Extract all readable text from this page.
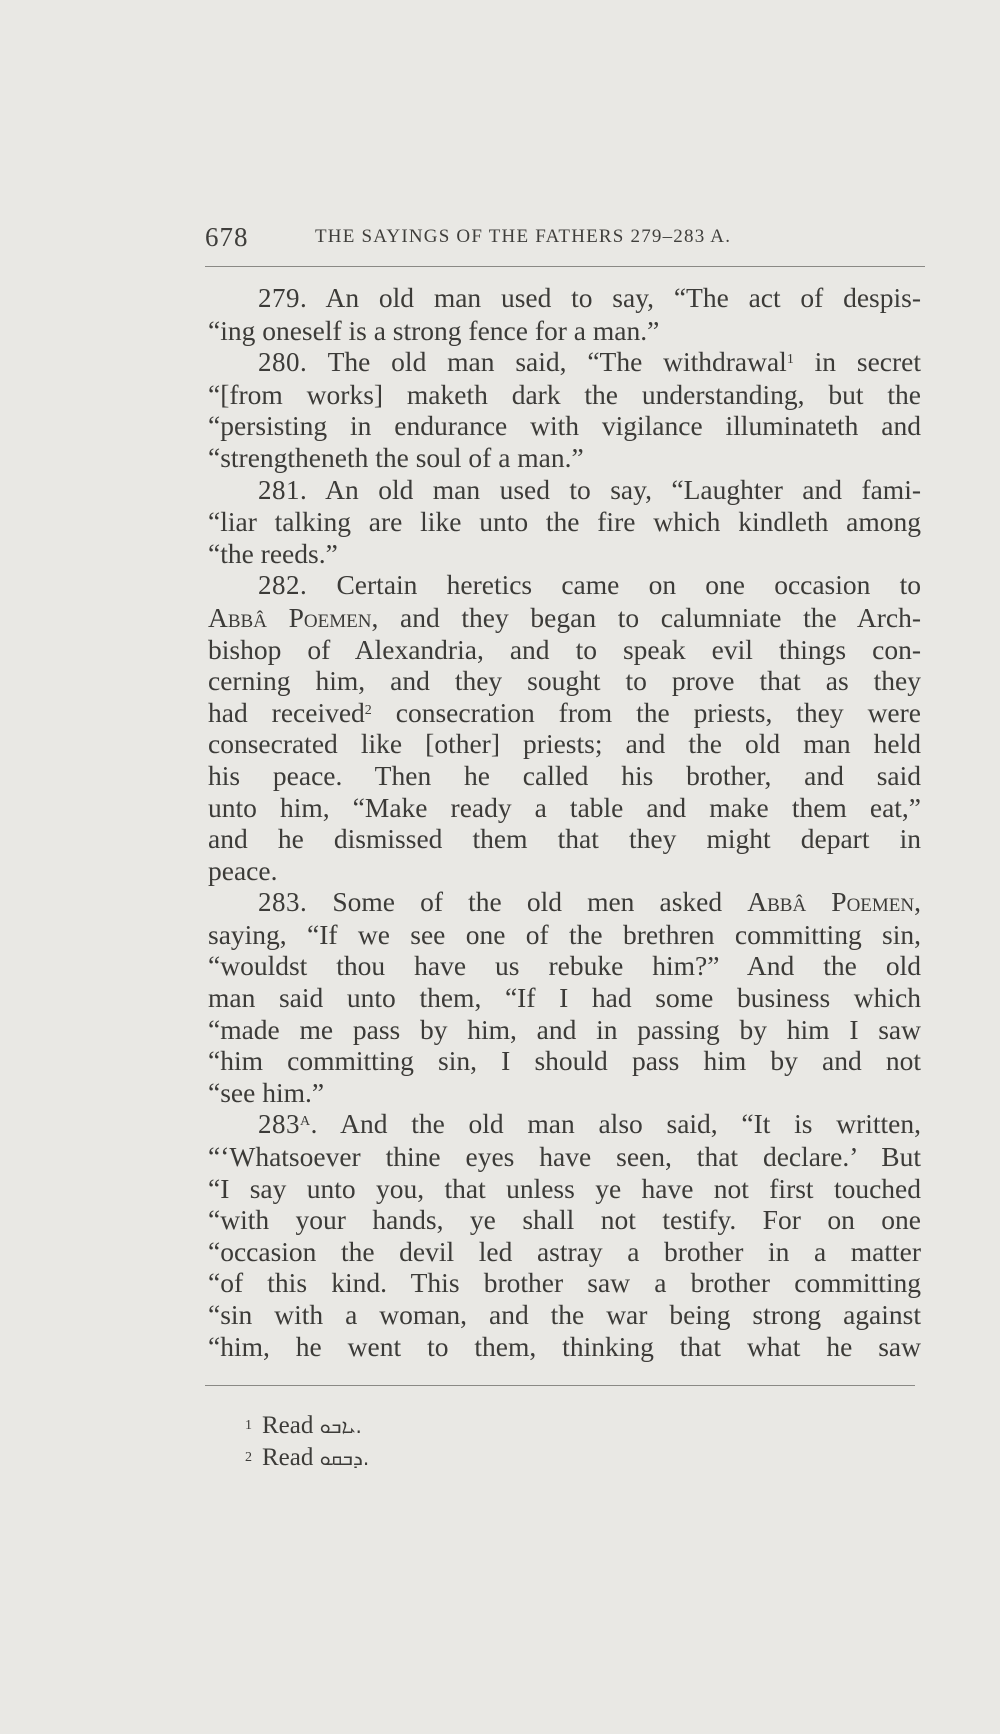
678	THE SAYINGS OF THE FATHERS 279–283 A.

279. An old man used to say, “The act of despis-
“ing oneself is a strong fence for a man.”

280. The old man said, “The withdrawal$^1$ in secret
“[from works] maketh dark the understanding, but the
“persisting in endurance with vigilance illuminateth and
“strengtheneth the soul of a man.”

281. An old man used to say, “Laughter and fami-
“liar talking are like unto the fire which kindleth among
“the reeds.”

282. Certain heretics came on one occasion to
Abbâ Poemen, and they began to calumniate the Arch-
bishop of Alexandria, and to speak evil things con-
cerning him, and they sought to prove that as they
had received$^2$ consecration from the priests, they were
consecrated like [other] priests; and the old man held
his peace. Then he called his brother, and said
unto him, “Make ready a table and make them eat,”
and he dismissed them that they might depart in
peace.

283. Some of the old men asked Abbâ Poemen,
saying, “If we see one of the brethren committing sin,
“wouldst thou have us rebuke him?” And the old
man said unto them, “If I had some business which
“made me pass by him, and in passing by him I saw
“him committing sin, I should pass him by and not
“see him.”

$283^A$. And the old man also said, “It is written,
“‘Whatsoever thine eyes have seen, that declare.’ But
“I say unto you, that unless ye have not first touched
“with your hands, ye shall not testify. For on one
“occasion the devil led astray a brother in a matter
“of this kind. This brother saw a brother committing
“sin with a woman, and the war being strong against
“him, he went to them, thinking that what he saw

$^1$ Read ܝܐܒܘ.
$^2$ Read ܕܒܩܘ.
